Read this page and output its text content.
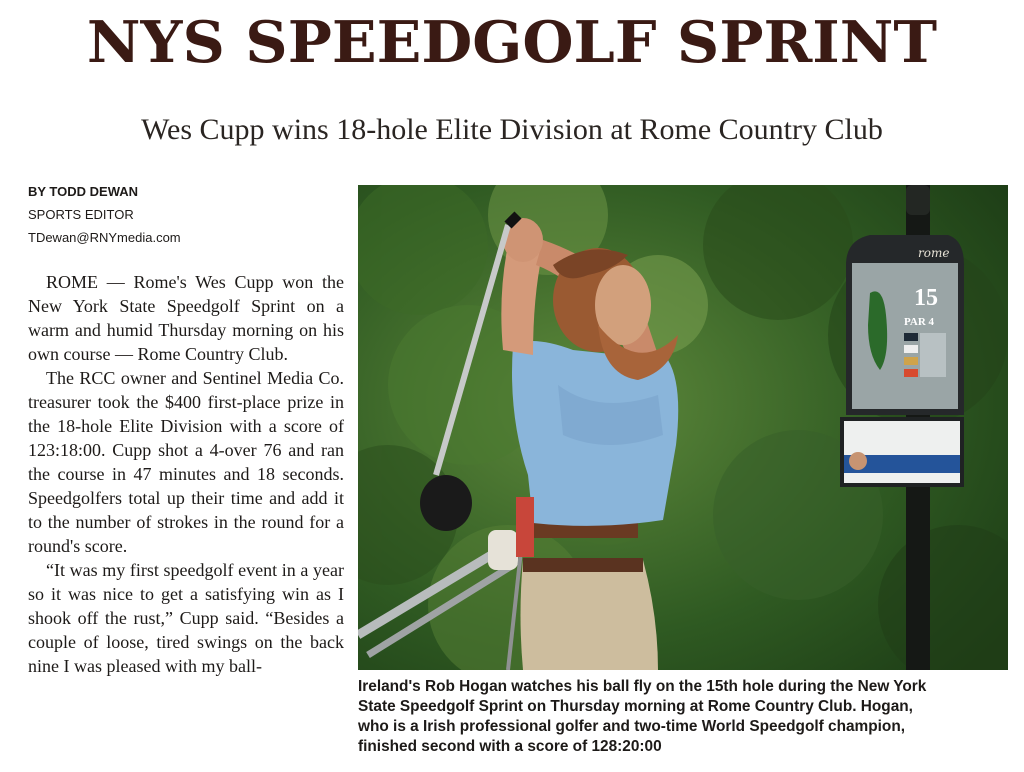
NYS SPEEDGOLF SPRINT
Wes Cupp wins 18-hole Elite Division at Rome Country Club
BY TODD DEWAN
SPORTS EDITOR
TDewan@RNYmedia.com

ROME — Rome's Wes Cupp won the New York State Speedgolf Sprint on a warm and humid Thursday morning on his own course — Rome Country Club.

The RCC owner and Sentinel Media Co. treasurer took the $400 first-place prize in the 18-hole Elite Division with a score of 123:18:00. Cupp shot a 4-over 76 and ran the course in 47 minutes and 18 seconds. Speedgolfers total up their time and add it to the number of strokes in the round for a round's score.

“It was my first speedgolf event in a year so it was nice to get a satisfying win as I shook off the rust,” Cupp said. “Besides a couple of loose, tired swings on the back nine I was pleased with my ball-

rome
15
PAR 4
Ireland's Rob Hogan watches his ball fly on the 15th hole during the New York
State Speedgolf Sprint on Thursday morning at Rome Country Club. Hogan,
who is a Irish professional golfer and two-time World Speedgolf champion,
finished second with a score of 128:20:00
